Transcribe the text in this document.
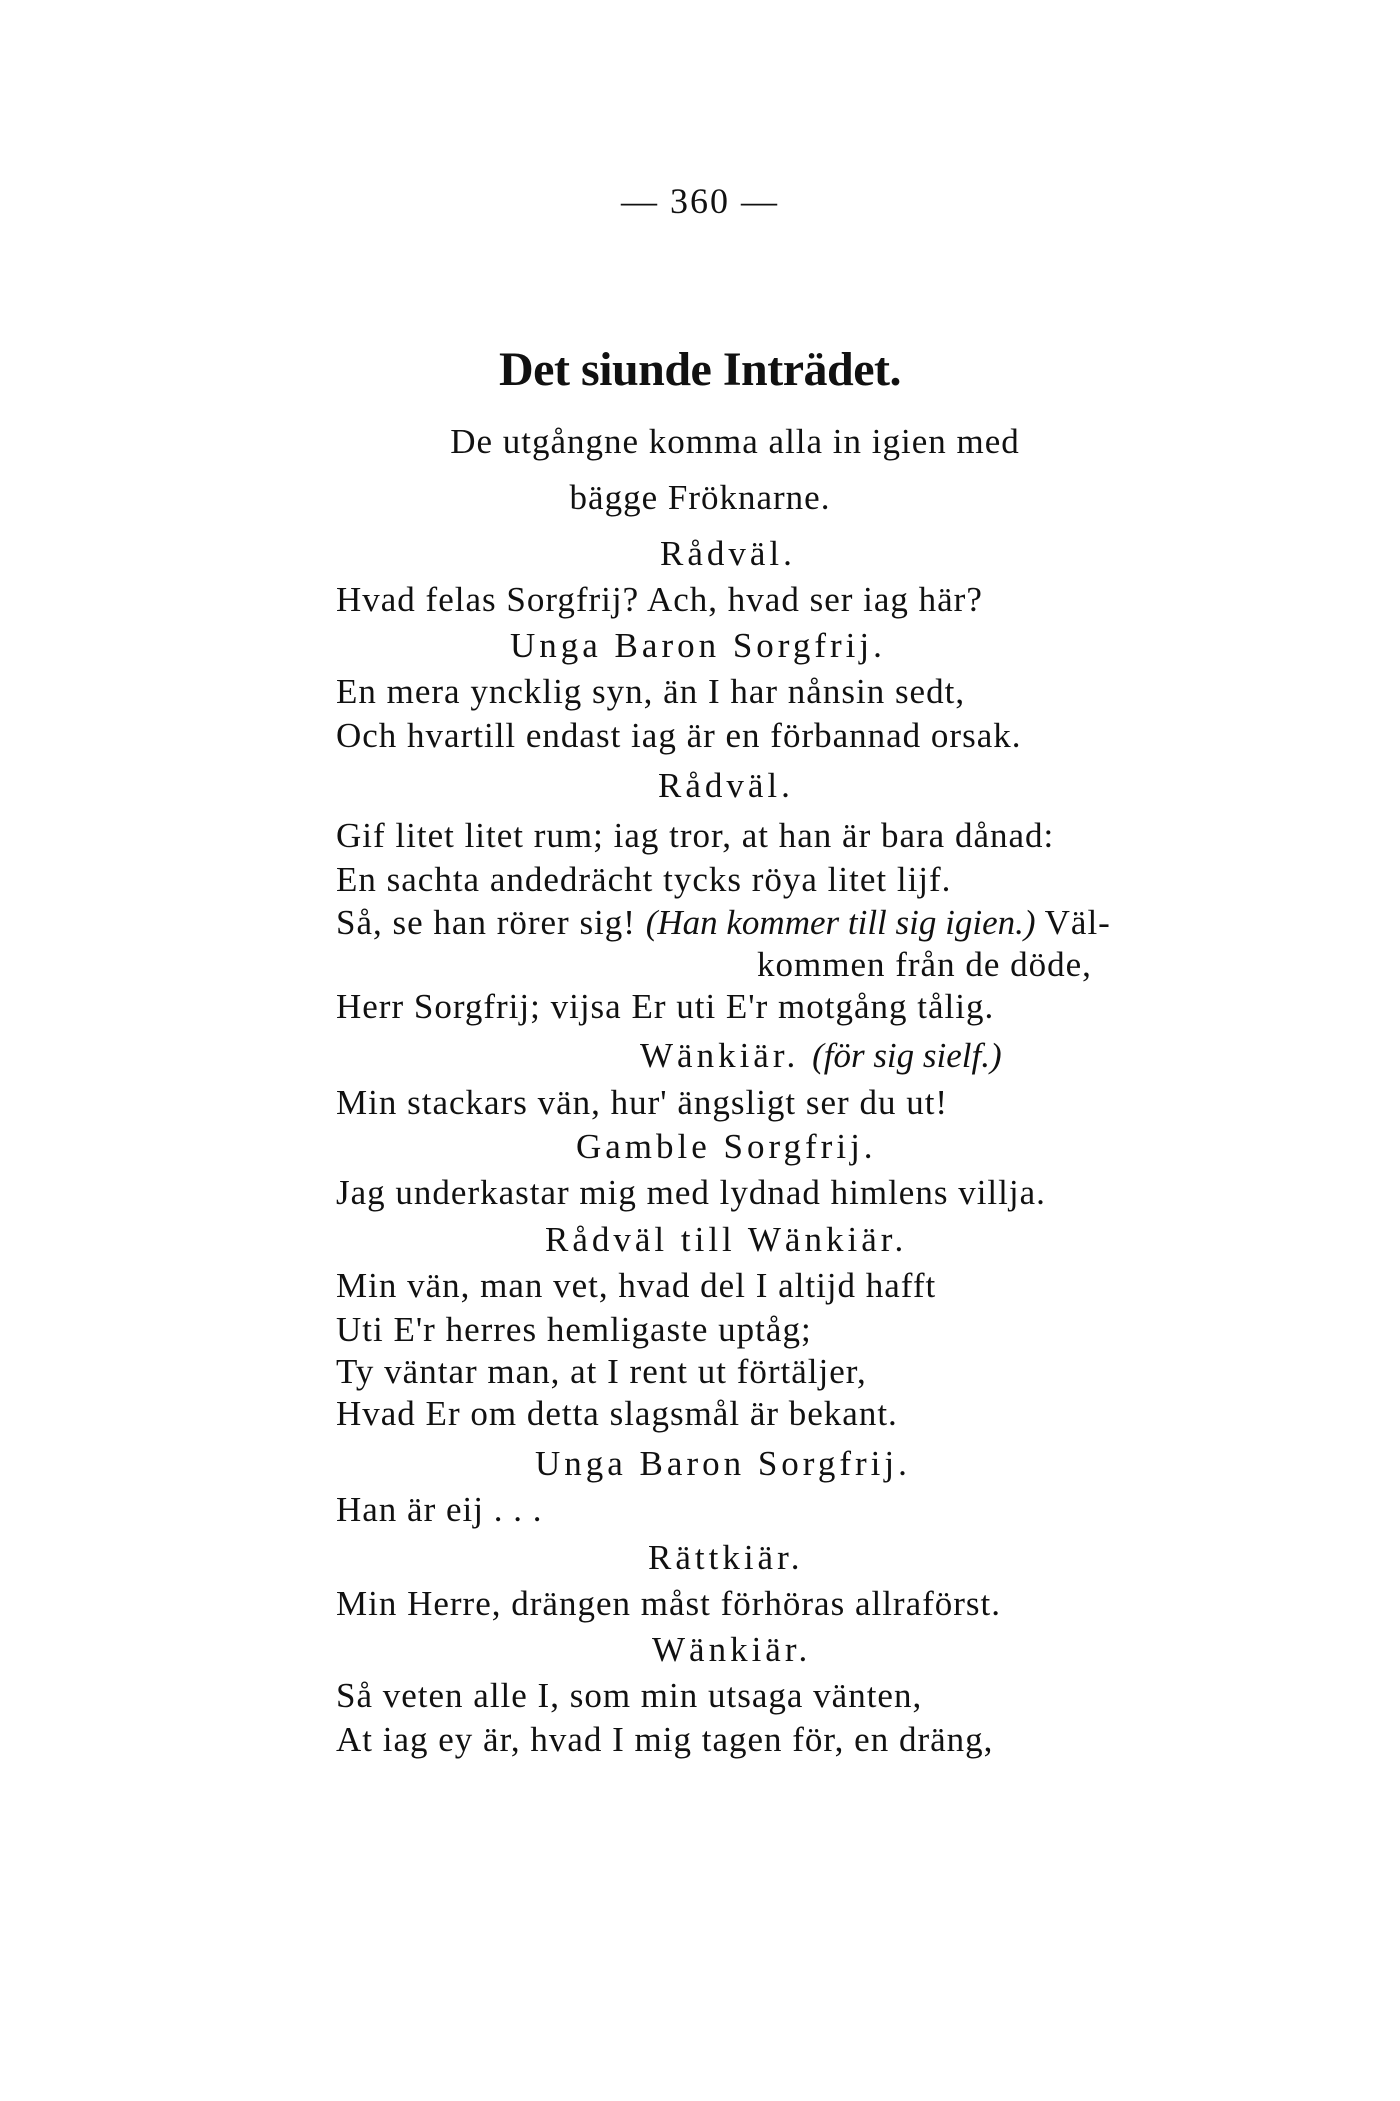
— 360 —
Det siunde Inträdet.
De utgångne komma alla in igien med
bägge Fröknarne.
Rådväl.
Hvad felas Sorgfrij? Ach, hvad ser iag här?
Unga Baron Sorgfrij.
En mera yncklig syn, än I har nånsin sedt,
Och hvartill endast iag är en förbannad orsak.
Rådväl.
Gif litet litet rum; iag tror, at han är bara dånad:
En sachta andedrächt tycks röya litet lijf.
Så, se han rörer sig! (Han kommer till sig igien.) Väl-
kommen från de döde,
Herr Sorgfrij; vijsa Er uti E'r motgång tålig.
Wänkiär. (för sig sielf.)
Min stackars vän, hur' ängsligt ser du ut!
Gamble Sorgfrij.
Jag underkastar mig med lydnad himlens villja.
Rådväl till Wänkiär.
Min vän, man vet, hvad del I altijd hafft
Uti E'r herres hemligaste uptåg;
Ty väntar man, at I rent ut förtäljer,
Hvad Er om detta slagsmål är bekant.
Unga Baron Sorgfrij.
Han är eij . . .
Rättkiär.
Min Herre, drängen måst förhöras allraförst.
Wänkiär.
Så veten alle I, som min utsaga vänten,
At iag ey är, hvad I mig tagen för, en dräng,
